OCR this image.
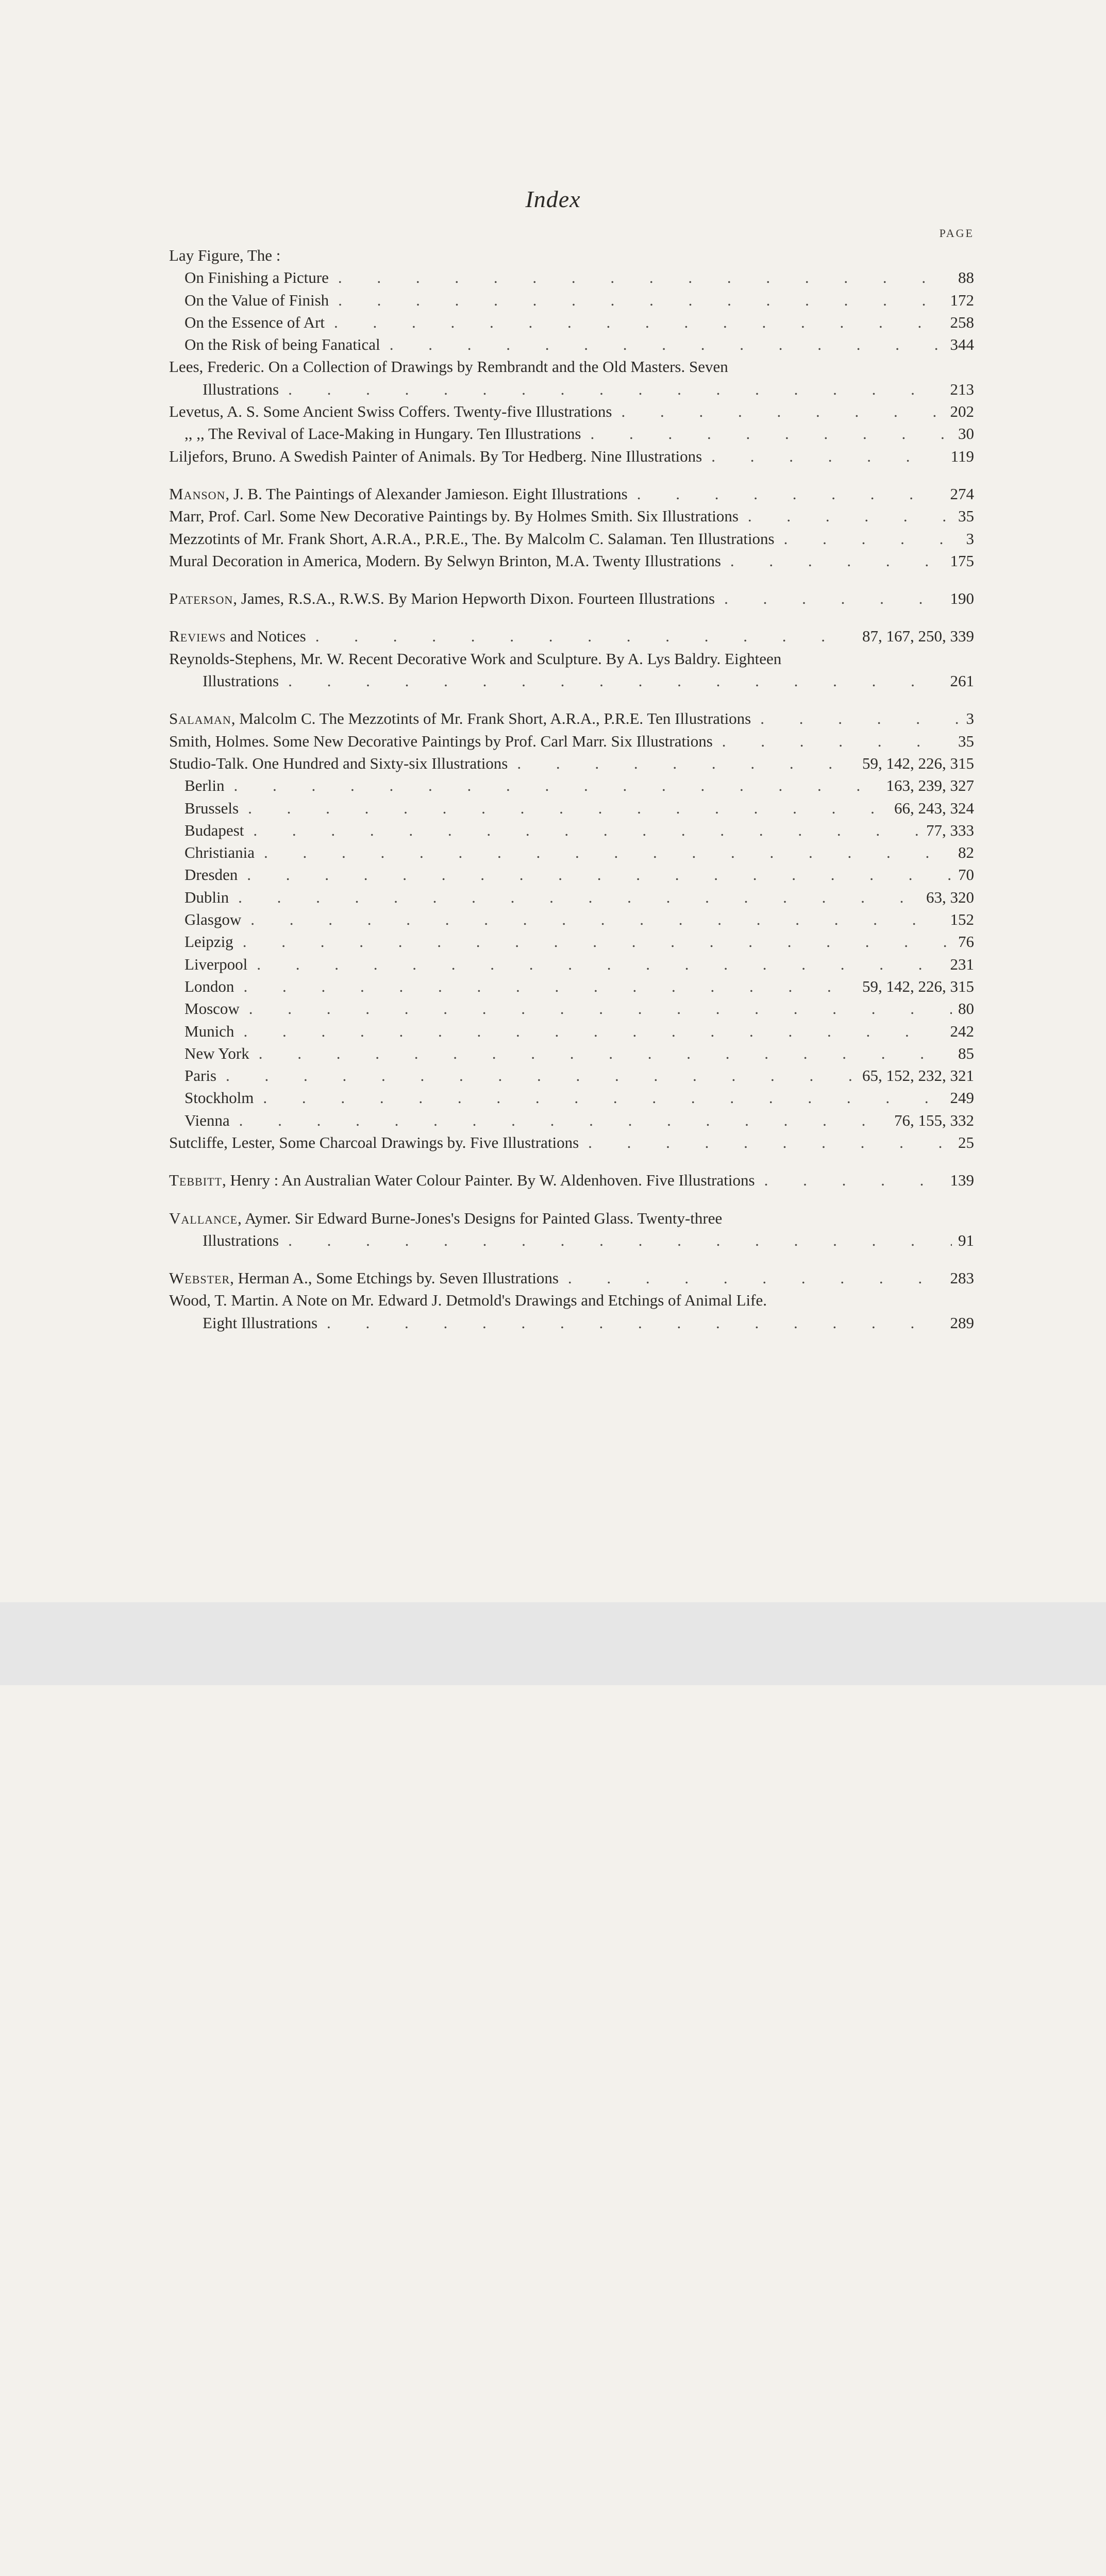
Index
PAGE
Lay Figure, The :
On Finishing a Picture . . .	88
On the Value of Finish . . .	172
On the Essence of Art . . .	258
On the Risk of being Fanatical . . .	344
Lees, Frederic. On a Collection of Drawings by Rembrandt and the Old Masters. Seven
Illustrations . . .	213
Levetus, A. S. Some Ancient Swiss Coffers. Twenty-five Illustrations . . .	202
,, ,, The Revival of Lace-Making in Hungary. Ten Illustrations . . .	30
Liljefors, Bruno. A Swedish Painter of Animals. By Tor Hedberg. Nine Illustrations . . .	119
Manson, J. B. The Paintings of Alexander Jamieson. Eight Illustrations . . .	274
Marr, Prof. Carl. Some New Decorative Paintings by. By Holmes Smith. Six Illustrations . . .	35
Mezzotints of Mr. Frank Short, A.R.A., P.R.E., The. By Malcolm C. Salaman. Ten Illustrations . . .	3
Mural Decoration in America, Modern. By Selwyn Brinton, M.A. Twenty Illustrations . . .	175
Paterson, James, R.S.A., R.W.S. By Marion Hepworth Dixon. Fourteen Illustrations . . .	190
Reviews and Notices . . .	87, 167, 250, 339
Reynolds-Stephens, Mr. W. Recent Decorative Work and Sculpture. By A. Lys Baldry. Eighteen
Illustrations . . .	261
Salaman, Malcolm C. The Mezzotints of Mr. Frank Short, A.R.A., P.R.E. Ten Illustrations . . .	3
Smith, Holmes. Some New Decorative Paintings by Prof. Carl Marr. Six Illustrations . . .	35
Studio-Talk. One Hundred and Sixty-six Illustrations . . .	59, 142, 226, 315
Berlin . . .	163, 239, 327
Brussels . . .	66, 243, 324
Budapest . . .	77, 333
Christiania . . .	82
Dresden . . .	70
Dublin . . .	63, 320
Glasgow . . .	152
Leipzig . . .	76
Liverpool . . .	231
London . . .	59, 142, 226, 315
Moscow . . .	80
Munich . . .	242
New York . . .	85
Paris . . .	65, 152, 232, 321
Stockholm . . .	249
Vienna . . .	76, 155, 332
Sutcliffe, Lester, Some Charcoal Drawings by. Five Illustrations . . .	25
Tebbitt, Henry : An Australian Water Colour Painter. By W. Aldenhoven. Five Illustrations . . .	139
Vallance, Aymer. Sir Edward Burne-Jones's Designs for Painted Glass. Twenty-three
Illustrations . . .	91
Webster, Herman A., Some Etchings by. Seven Illustrations . . .	283
Wood, T. Martin. A Note on Mr. Edward J. Detmold's Drawings and Etchings of Animal Life.
Eight Illustrations . . .	289
